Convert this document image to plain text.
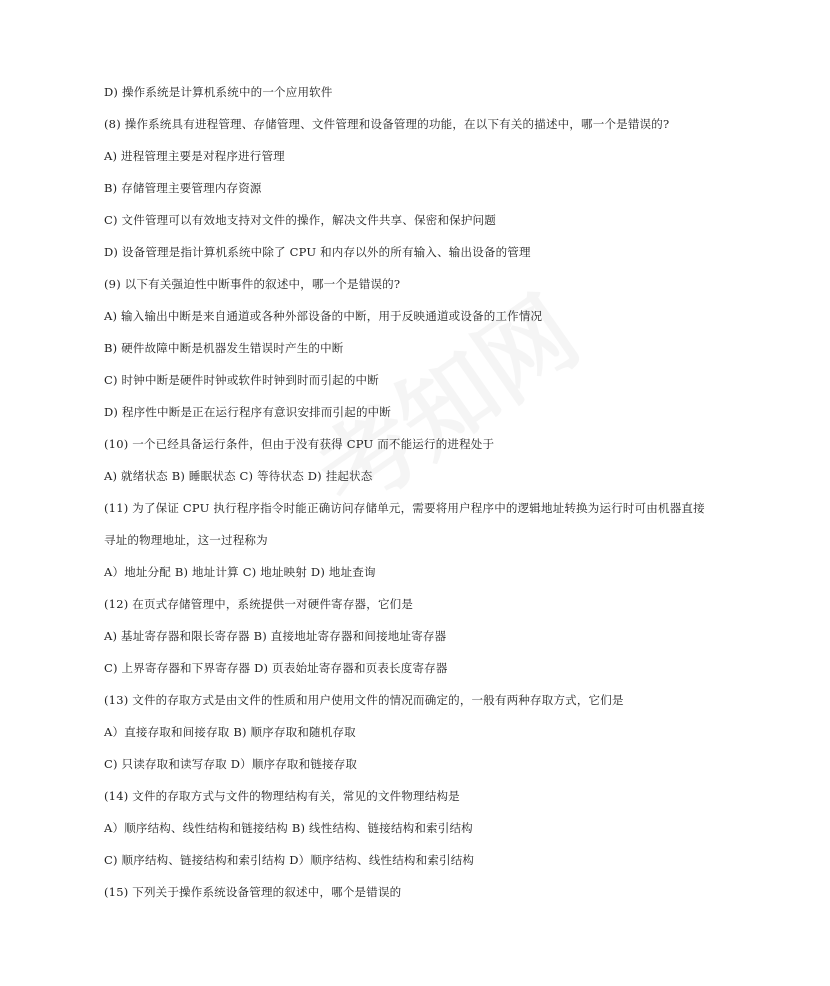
D) 操作系统是计算机系统中的一个应用软件
(8) 操作系统具有进程管理、存储管理、文件管理和设备管理的功能，在以下有关的描述中，哪一个是错误的?
A) 进程管理主要是对程序进行管理
B) 存储管理主要管理内存资源
C) 文件管理可以有效地支持对文件的操作，解决文件共享、保密和保护问题
D) 设备管理是指计算机系统中除了 CPU 和内存以外的所有输入、输出设备的管理
(9) 以下有关强迫性中断事件的叙述中，哪一个是错误的?
A) 输入输出中断是来自通道或各种外部设备的中断，用于反映通道或设备的工作情况
B) 硬件故障中断是机器发生错误时产生的中断
C) 时钟中断是硬件时钟或软件时钟到时而引起的中断
D) 程序性中断是正在运行程序有意识安排而引起的中断
(10) 一个已经具备运行条件，但由于没有获得 CPU 而不能运行的进程处于
A) 就绪状态 B) 睡眠状态 C) 等待状态 D) 挂起状态
(11) 为了保证 CPU 执行程序指令时能正确访问存储单元，需要将用户程序中的逻辑地址转换为运行时可由机器直接
寻址的物理地址，这一过程称为
A）地址分配 B) 地址计算 C) 地址映射 D) 地址查询
(12) 在页式存储管理中，系统提供一对硬件寄存器，它们是
A) 基址寄存器和限长寄存器 B) 直接地址寄存器和间接地址寄存器
C) 上界寄存器和下界寄存器 D) 页表始址寄存器和页表长度寄存器
(13) 文件的存取方式是由文件的性质和用户使用文件的情况而确定的，一般有两种存取方式，它们是
A）直接存取和间接存取 B) 顺序存取和随机存取
C) 只读存取和读写存取 D）顺序存取和链接存取
(14) 文件的存取方式与文件的物理结构有关，常见的文件物理结构是
A）顺序结构、线性结构和链接结构 B) 线性结构、链接结构和索引结构
C) 顺序结构、链接结构和索引结构 D）顺序结构、线性结构和索引结构
(15) 下列关于操作系统设备管理的叙述中，哪个是错误的
